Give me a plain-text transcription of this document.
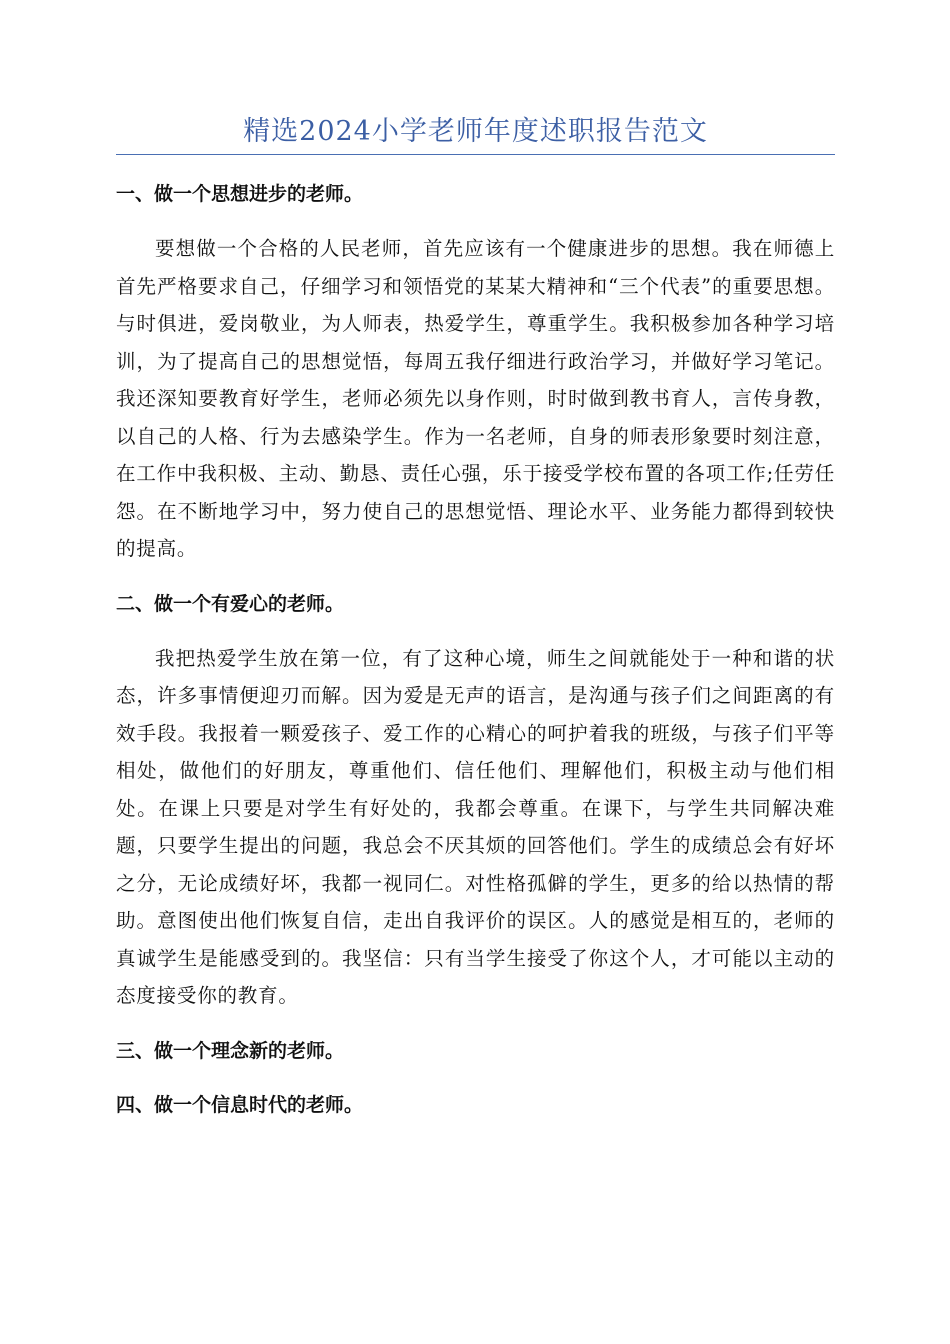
精选2024小学老师年度述职报告范文

一、做一个思想进步的老师。

要想做一个合格的人民老师，首先应该有一个健康进步的思想。我在师德上首先严格要求自己，仔细学习和领悟党的某某大精神和“三个代表”的重要思想。与时俱进，爱岗敬业，为人师表，热爱学生，尊重学生。我积极参加各种学习培训，为了提高自己的思想觉悟，每周五我仔细进行政治学习，并做好学习笔记。我还深知要教育好学生，老师必须先以身作则，时时做到教书育人，言传身教，以自己的人格、行为去感染学生。作为一名老师，自身的师表形象要时刻注意，在工作中我积极、主动、勤恳、责任心强，乐于接受学校布置的各项工作;任劳任怨。在不断地学习中，努力使自己的思想觉悟、理论水平、业务能力都得到较快的提高。

二、做一个有爱心的老师。

我把热爱学生放在第一位，有了这种心境，师生之间就能处于一种和谐的状态，许多事情便迎刃而解。因为爱是无声的语言，是沟通与孩子们之间距离的有效手段。我报着一颗爱孩子、爱工作的心精心的呵护着我的班级，与孩子们平等相处，做他们的好朋友，尊重他们、信任他们、理解他们，积极主动与他们相处。在课上只要是对学生有好处的，我都会尊重。在课下，与学生共同解决难题，只要学生提出的问题，我总会不厌其烦的回答他们。学生的成绩总会有好坏之分，无论成绩好坏，我都一视同仁。对性格孤僻的学生，更多的给以热情的帮助。意图使出他们恢复自信，走出自我评价的误区。人的感觉是相互的，老师的真诚学生是能感受到的。我坚信：只有当学生接受了你这个人，才可能以主动的态度接受你的教育。

三、做一个理念新的老师。

四、做一个信息时代的老师。
